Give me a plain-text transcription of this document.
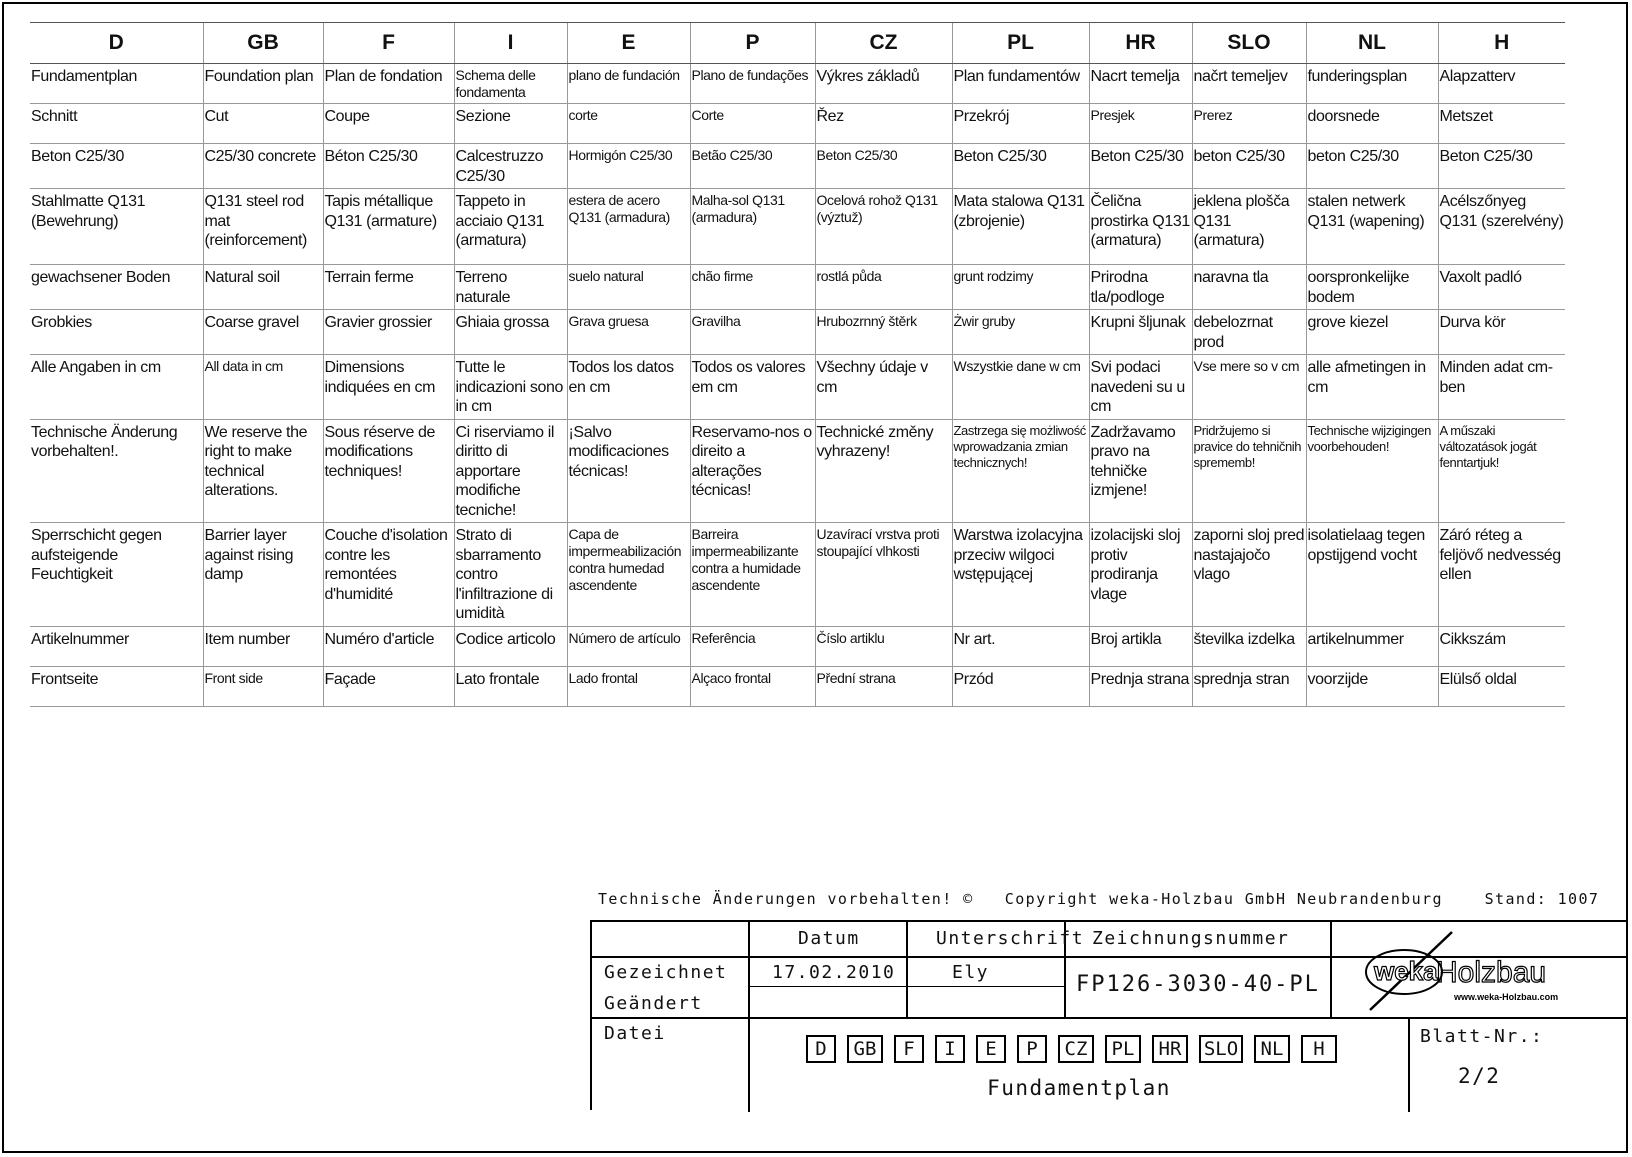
D	GB	F	I	E	P	CZ	PL	HR	SLO	NL	H
Fundamentplan	Foundation plan	Plan de fondation	Schema delle fondamenta	plano de fundación	Plano de fundações	Výkres základů	Plan fundamentów	Nacrt temelja	načrt temeljev	funderingsplan	Alapzatterv
Schnitt	Cut	Coupe	Sezione	corte	Corte	Řez	Przekrój	Presjek	Prerez	doorsnede	Metszet
Beton C25/30	C25/30 concrete	Béton C25/30	Calcestruzzo C25/30	Hormigón C25/30	Betão C25/30	Beton C25/30	Beton C25/30	Beton C25/30	beton C25/30	beton C25/30	Beton C25/30
Stahlmatte Q131 (Bewehrung)	Q131 steel rod mat (reinforcement)	Tapis métallique Q131 (armature)	Tappeto in acciaio Q131 (armatura)	estera de acero Q131 (armadura)	Malha-sol Q131 (armadura)	Ocelová rohož Q131 (výztuž)	Mata stalowa Q131 (zbrojenie)	Čelična prostirka Q131 (armatura)	jeklena plošča Q131 (armatura)	stalen netwerk Q131 (wapening)	Acélszőnyeg Q131 (szerelvény)
gewachsener Boden	Natural soil	Terrain ferme	Terreno naturale	suelo natural	chão firme	rostlá půda	grunt rodzimy	Prirodna tla/podloge	naravna tla	oorspronkelijke bodem	Vaxolt padló
Grobkies	Coarse gravel	Gravier grossier	Ghiaia grossa	Grava gruesa	Gravilha	Hrubozrnný štěrk	Żwir gruby	Krupni šljunak	debelozrnat prod	grove kiezel	Durva kör
Alle Angaben in cm	All data in cm	Dimensions indiquées en cm	Tutte le indicazioni sono in cm	Todos los datos en cm	Todos os valores em cm	Všechny údaje v cm	Wszystkie dane w cm	Svi podaci navedeni su u cm	Vse mere so v cm	alle afmetingen in cm	Minden adat cm-ben
Technische Änderung vorbehalten!.	We reserve the right to make technical alterations.	Sous réserve de modifications techniques!	Ci riserviamo il diritto di apportare modifiche tecniche!	¡Salvo modificaciones técnicas!	Reservamo-nos o direito a alterações técnicas!	Technické změny vyhrazeny!	Zastrzega się możliwość wprowadzania zmian technicznych!	Zadržavamo pravo na tehničke izmjene!	Pridržujemo si pravice do tehničnih sprememb!	Technische wijzigingen voorbehouden!	A műszaki változatások jogát fenntartjuk!
Sperrschicht gegen aufsteigende Feuchtigkeit	Barrier layer against rising damp	Couche d'isolation contre les remontées d'humidité	Strato di sbarramento contro l'infiltrazione di umidità	Capa de impermeabilización contra humedad ascendente	Barreira impermeabilizante contra a humidade ascendente	Uzavírací vrstva proti stoupající vlhkosti	Warstwa izolacyjna przeciw wilgoci wstępującej	izolacijski sloj protiv prodiranja vlage	zaporni sloj pred nastajajočo vlago	isolatielaag tegen opstijgend vocht	Záró réteg a feljövő nedvesség ellen
Artikelnummer	Item number	Numéro d'article	Codice articolo	Número de artículo	Referência	Číslo artiklu	Nr art.	Broj artikla	številka izdelka	artikelnummer	Cikkszám
Frontseite	Front side	Façade	Lato frontale	Lado frontal	Alçaco frontal	Přední strana	Przód	Prednja strana	sprednja stran	voorzijde	Elülső oldal
Technische Änderungen vorbehalten! ©   Copyright weka-Holzbau GmbH Neubrandenburg    Stand: 1007
Datum	Unterschrift Zeichnungsnummer
Gezeichnet
Geändert
Datei
17.02.2010	Ely	FP126-3030-40-PL
D	GB	F	I	E	P	CZ	PL	HR	SLO	NL	H
Fundamentplan
Blatt-Nr.:
2/2
weka
Holzbau
www.weka-Holzbau.com
